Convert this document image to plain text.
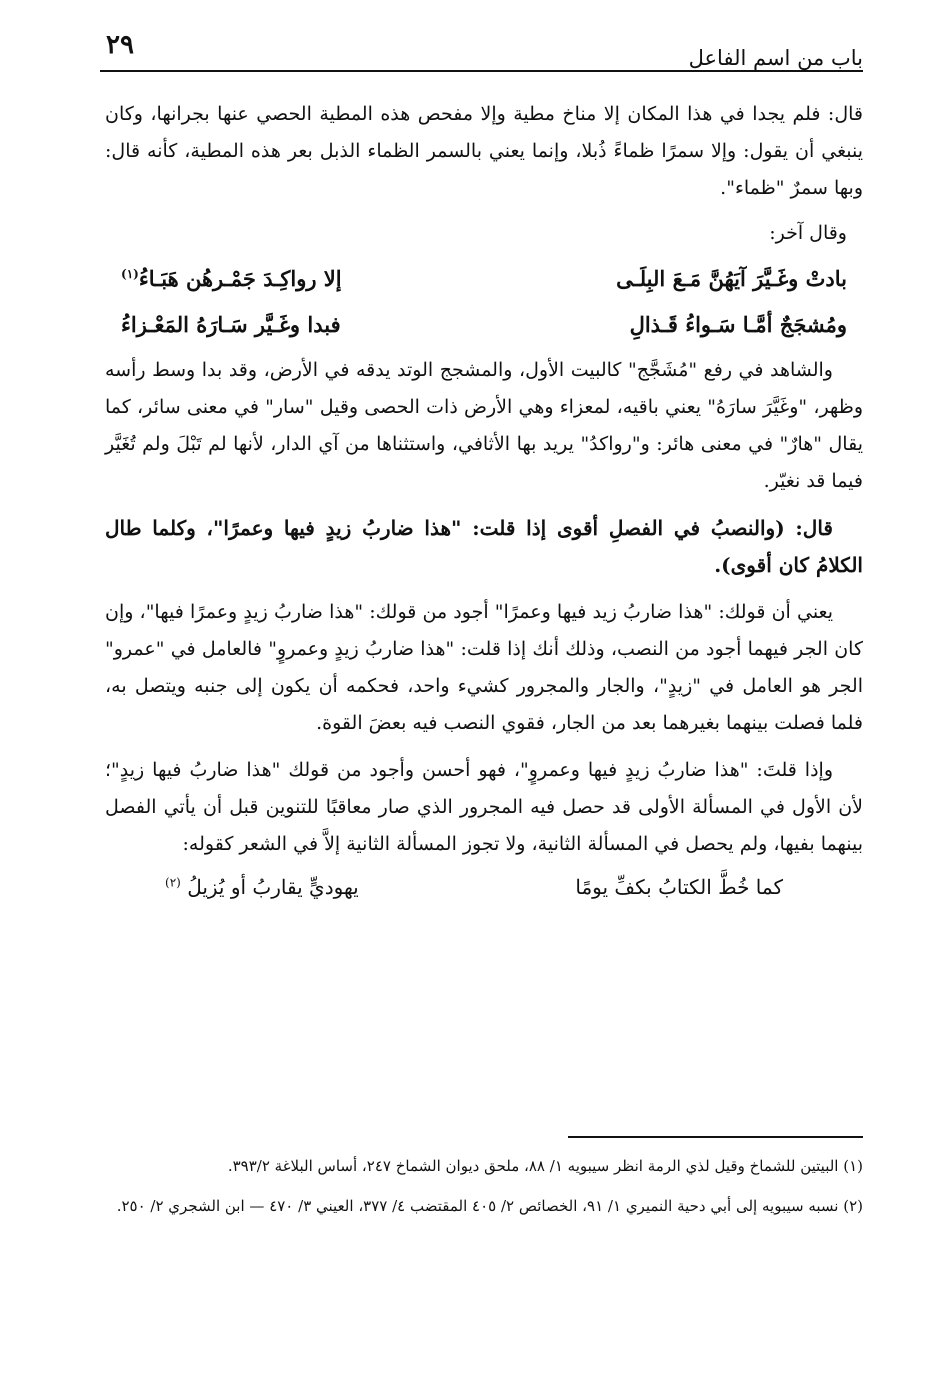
باب من اسم الفاعل
٢٩

قال: فلم يجدا في هذا المكان إلا مناخ مطية وإلا مفحص هذه المطية الحصي عنها بجرانها، وكان ينبغي أن يقول: وإلا سمرًا ظماءً ذُبلا، وإنما يعني بالسمر الظماء الذبل بعر هذه المطية، كأنه قال: وبها سمرٌ "ظماء".

وقال آخر:

بادتْ وغَـيَّرَ آيَهُنَّ مَـعَ البِلَـى
إلا رواكِـدَ جَمْـرهُن هَبَـاءُ$^{(١)}$
ومُشجَجٌ أمَّـا سَـواءُ قَـذالِ
فبدا وغَـيَّر سَـارَهُ المَعْـزاءُ

والشاهد في رفع "مُشَجَّج" كالبيت الأول، والمشجج الوتد يدقه في الأرض، وقد بدا وسط رأسه وظهر، "وغَيَّرَ سارَهُ" يعني باقيه، لمعزاء وهي الأرض ذات الحصى وقيل "سار" في معنى سائر، كما يقال "هارٌ" في معنى هائر: و"رواكدُ" يريد بها الأثافي، واستثناها من آي الدار، لأنها لم تَبْلَ ولم تُغَيَّر فيما قد نغيّر.

قال: (والنصبُ في الفصلِ أقوى إذا قلت: "هذا ضاربُ زيدٍ فيها وعمرًا"، وكلما طال الكلامُ كان أقوى).

يعني أن قولك: "هذا ضاربُ زيد فيها وعمرًا" أجود من قولك: "هذا ضاربُ زيدٍ وعمرًا فيها"، وإن كان الجر فيهما أجود من النصب، وذلك أنك إذا قلت: "هذا ضاربُ زيدٍ وعمروٍ" فالعامل في "عمرو" الجر هو العامل في "زيدٍ"، والجار والمجرور كشيء واحد، فحكمه أن يكون إلى جنبه ويتصل به، فلما فصلت بينهما بغيرهما بعد من الجار، فقوي النصب فيه بعضَ القوة.

وإذا قلتَ: "هذا ضاربُ زيدٍ فيها وعمروٍ"، فهو أحسن وأجود من قولك "هذا ضاربُ فيها زيدٍ"؛ لأن الأول في المسألة الأولى قد حصل فيه المجرور الذي صار معاقبًا للتنوين قبل أن يأتي الفصل بينهما بفيها، ولم يحصل في المسألة الثانية، ولا تجوز المسألة الثانية إلاَّ في الشعر كقوله:

كما خُطَّ الكتابُ بكفِّ يومًا
يهوديٍّ يقاربُ أو يُزيلُ $^{(٢)}$

(١) البيتين للشماخ وقيل لذي الرمة انظر سيبويه ١/ ٨٨، ملحق ديوان الشماخ ٢٤٧، أساس البلاغة ٣٩٣/٢.

(٢) نسبه سيبويه إلى أبي دحية النميري ١/ ٩١، الخصائص ٢/ ٤٠٥ المقتضب ٤/ ٣٧٧، العيني ٣/ ٤٧٠ — ابن الشجري ٢/ ٢٥٠.
